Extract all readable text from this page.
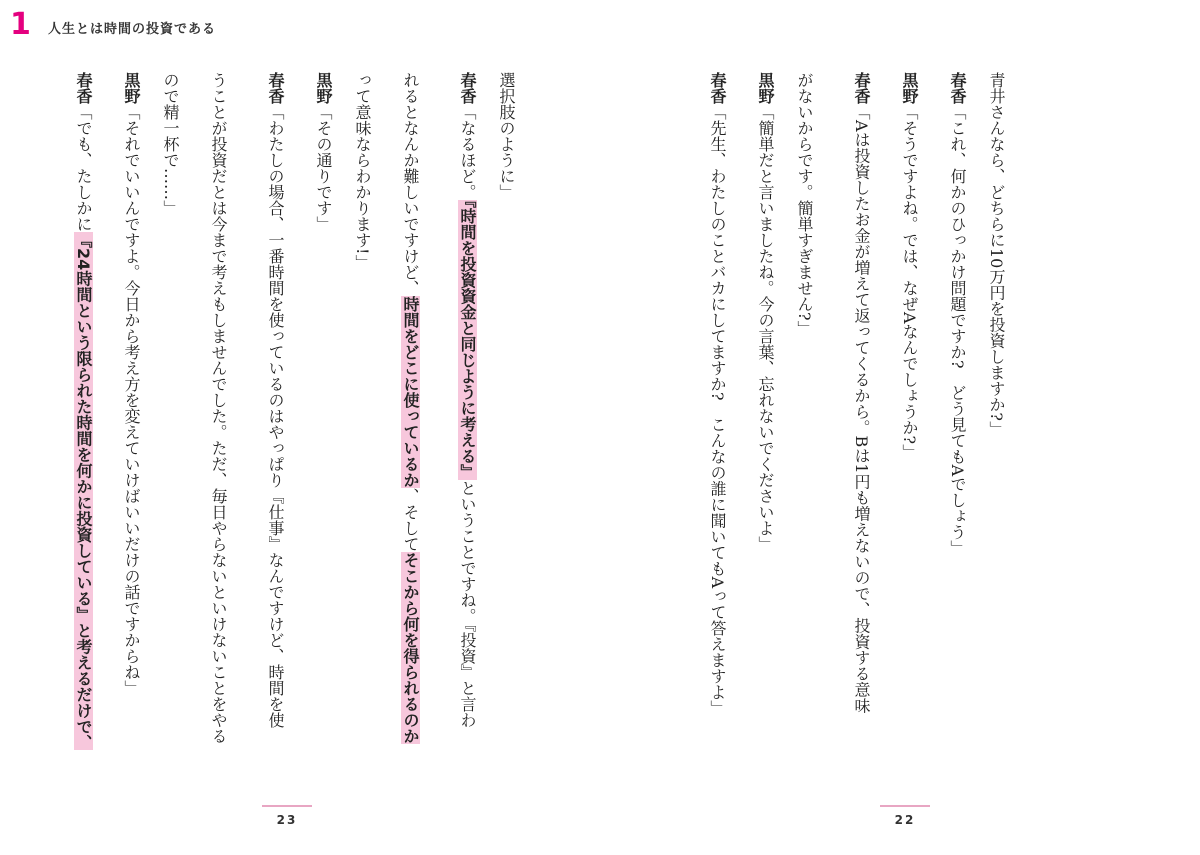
1 人生とは時間の投資である
青井さんなら、どちらに10万円を投資しますか?」
春香「これ、何かのひっかけ問題ですか?　どう見てもAでしょう」
黒野「そうですよね。では、なぜAなんでしょうか?」
春香「Aは投資したお金が増えて返ってくるから。Bは1円も増えないので、投資する意味
がないからです。簡単すぎません?」
黒野「簡単だと言いましたね。今の言葉、忘れないでくださいよ」
春香「先生、わたしのことバカにしてますか?　こんなの誰に聞いてもAって答えますよ」
選択肢のように」
春香「なるほど。『時間を投資資金と同じように考える』ということですね。『投資』と言わ
れるとなんか難しいですけど、時間をどこに使っているか、そしてそこから何を得られるのか
って意味ならわかります!」
黒野「その通りです」
春香「わたしの場合、一番時間を使っているのはやっぱり『仕事』なんですけど、時間を使
うことが投資だとは今まで考えもしませんでした。ただ、毎日やらないといけないことをやる
ので精一杯で……」
黒野「それでいいんですよ。今日から考え方を変えていけばいいだけの話ですからね」
春香「でも、たしかに『24時間という限られた時間を何かに投資している』と考えるだけで、
23	22
